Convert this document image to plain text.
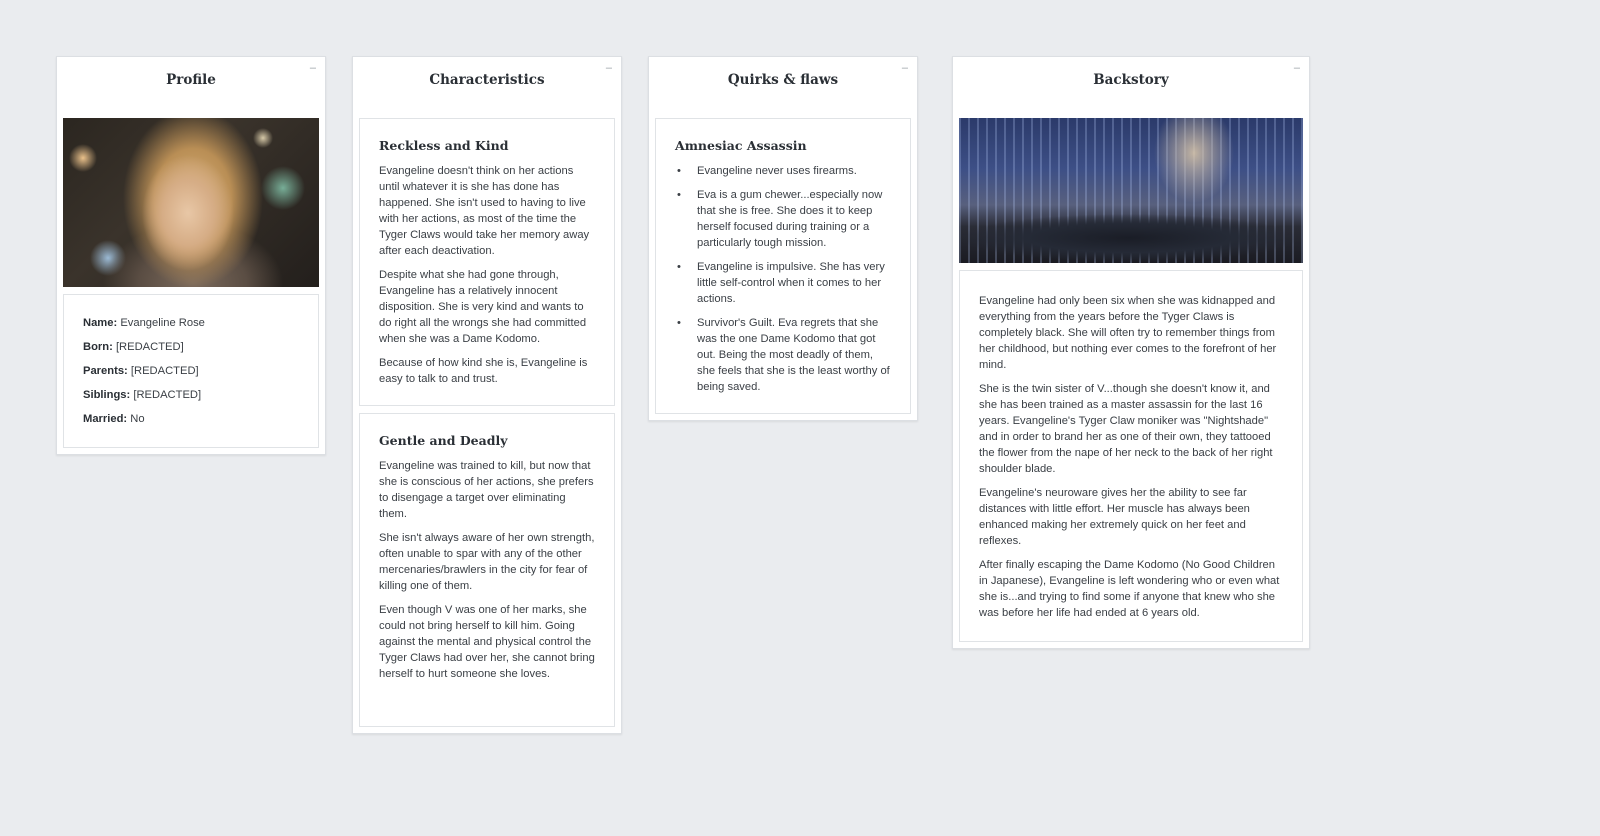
–
Profile
Name: Evangeline Rose
Born: [REDACTED]
Parents: [REDACTED]
Siblings: [REDACTED]
Married: No
–
Characteristics
Reckless and Kind

Evangeline doesn't think on her actions until whatever it is she has done has happened. She isn't used to having to live with her actions, as most of the time the Tyger Claws would take her memory away after each deactivation.

Despite what she had gone through, Evangeline has a relatively innocent disposition. She is very kind and wants to do right all the wrongs she had committed when she was a Dame Kodomo.

Because of how kind she is, Evangeline is easy to talk to and trust.

Gentle and Deadly

Evangeline was trained to kill, but now that she is conscious of her actions, she prefers to disengage a target over eliminating them.

She isn't always aware of her own strength, often unable to spar with any of the other mercenaries/brawlers in the city for fear of killing one of them.

Even though V was one of her marks, she could not bring herself to kill him. Going against the mental and physical control the Tyger Claws had over her, she cannot bring herself to hurt someone she loves.

–
Quirks & flaws
Amnesiac Assassin
• Evangeline never uses firearms.
• Eva is a gum chewer...especially now that she is free. She does it to keep herself focused during training or a particularly tough mission.
• Evangeline is impulsive. She has very little self-control when it comes to her actions.
• Survivor's Guilt. Eva regrets that she was the one Dame Kodomo that got out. Being the most deadly of them, she feels that she is the least worthy of being saved.
–
Backstory

Evangeline had only been six when she was kidnapped and everything from the years before the Tyger Claws is completely black. She will often try to remember things from her childhood, but nothing ever comes to the forefront of her mind.

She is the twin sister of V...though she doesn't know it, and she has been trained as a master assassin for the last 16 years. Evangeline's Tyger Claw moniker was "Nightshade" and in order to brand her as one of their own, they tattooed the flower from the nape of her neck to the back of her right shoulder blade.

Evangeline's neuroware gives her the ability to see far distances with little effort. Her muscle has always been enhanced making her extremely quick on her feet and reflexes.

After finally escaping the Dame Kodomo (No Good Children in Japanese), Evangeline is left wondering who or even what she is...and trying to find some if anyone that knew who she was before her life had ended at 6 years old.
